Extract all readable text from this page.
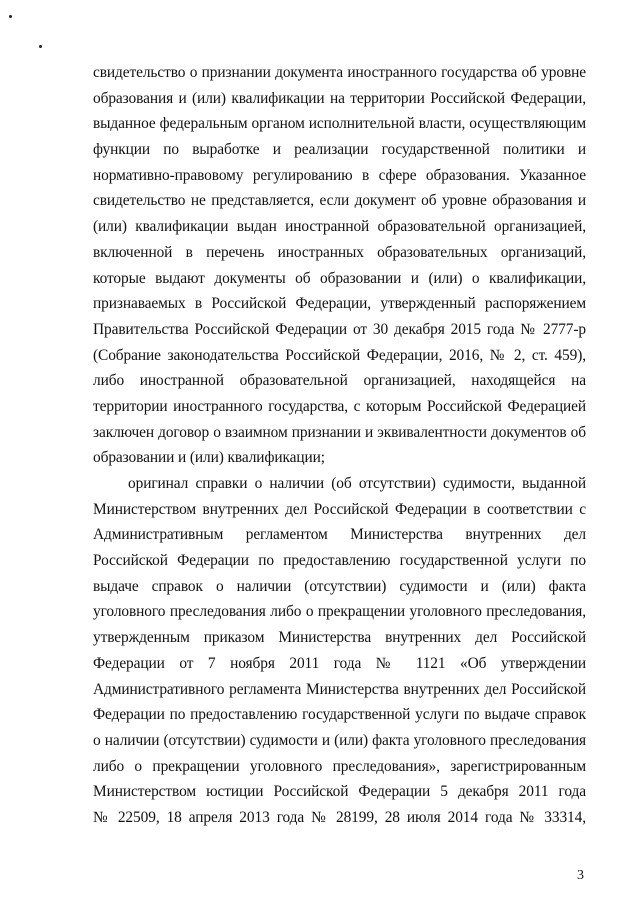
свидетельство о признании документа иностранного государства об уровне
образования и (или) квалификации на территории Российской Федерации,
выданное федеральным органом исполнительной власти, осуществляющим
функции по выработке и реализации государственной политики и
нормативно-правовому регулированию в сфере образования. Указанное
свидетельство не представляется, если документ об уровне образования и
(или) квалификации выдан иностранной образовательной организацией,
включенной в перечень иностранных образовательных организаций,
которые выдают документы об образовании и (или) о квалификации,
признаваемых в Российской Федерации, утвержденный распоряжением
Правительства Российской Федерации от 30 декабря 2015 года № 2777-р
(Собрание законодательства Российской Федерации, 2016, № 2, ст. 459),
либо иностранной образовательной организацией, находящейся на
территории иностранного государства, с которым Российской Федерацией
заключен договор о взаимном признании и эквивалентности документов об
образовании и (или) квалификации;
оригинал справки о наличии (об отсутствии) судимости, выданной
Министерством внутренних дел Российской Федерации в соответствии с
Административным регламентом Министерства внутренних дел
Российской Федерации по предоставлению государственной услуги по
выдаче справок о наличии (отсутствии) судимости и (или) факта
уголовного преследования либо о прекращении уголовного преследования,
утвержденным приказом Министерства внутренних дел Российской
Федерации от 7 ноября 2011 года № 1121 «Об утверждении
Административного регламента Министерства внутренних дел Российской
Федерации по предоставлению государственной услуги по выдаче справок
о наличии (отсутствии) судимости и (или) факта уголовного преследования
либо о прекращении уголовного преследования», зарегистрированным
Министерством юстиции Российской Федерации 5 декабря 2011 года
№ 22509, 18 апреля 2013 года № 28199, 28 июля 2014 года № 33314,
3
